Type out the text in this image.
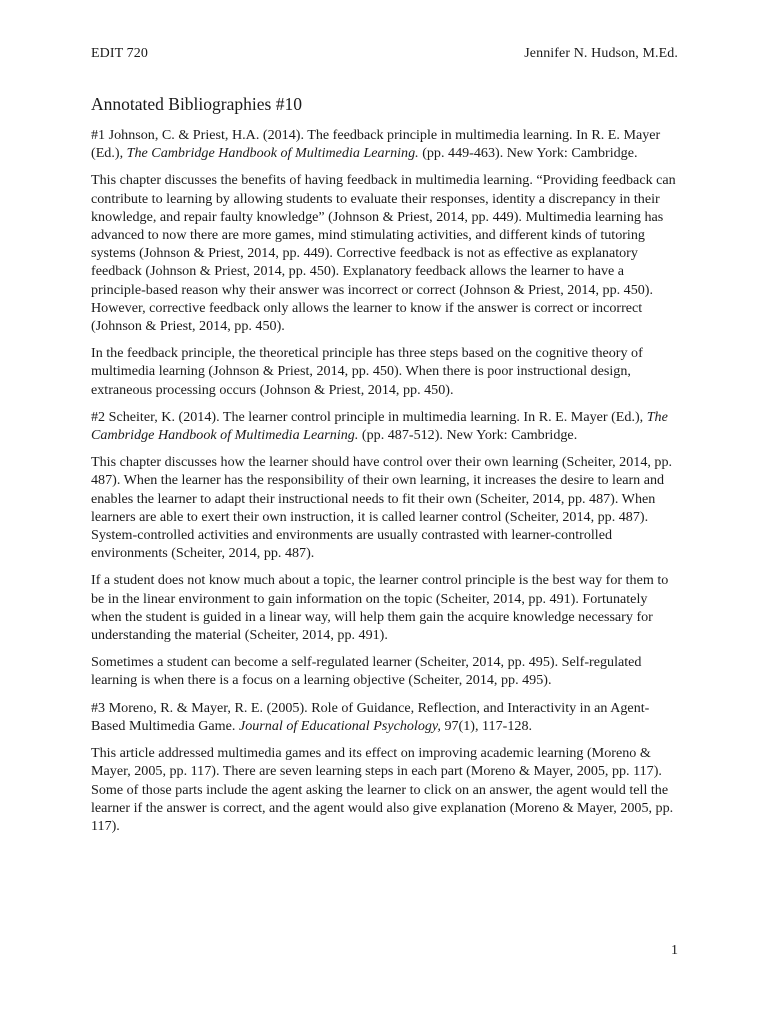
EDIT 720	Jennifer N. Hudson, M.Ed.
Annotated Bibliographies #10

#1 Johnson, C. & Priest, H.A. (2014). The feedback principle in multimedia learning. In R. E. Mayer (Ed.), The Cambridge Handbook of Multimedia Learning. (pp. 449-463). New York: Cambridge.

This chapter discusses the benefits of having feedback in multimedia learning. “Providing feedback can contribute to learning by allowing students to evaluate their responses, identity a discrepancy in their knowledge, and repair faulty knowledge” (Johnson & Priest, 2014, pp. 449). Multimedia learning has advanced to now there are more games, mind stimulating activities, and different kinds of tutoring systems (Johnson & Priest, 2014, pp. 449). Corrective feedback is not as effective as explanatory feedback (Johnson & Priest, 2014, pp. 450). Explanatory feedback allows the learner to have a principle-based reason why their answer was incorrect or correct (Johnson & Priest, 2014, pp. 450). However, corrective feedback only allows the learner to know if the answer is correct or incorrect (Johnson & Priest, 2014, pp. 450).

In the feedback principle, the theoretical principle has three steps based on the cognitive theory of multimedia learning (Johnson & Priest, 2014, pp. 450). When there is poor instructional design, extraneous processing occurs (Johnson & Priest, 2014, pp. 450).

#2 Scheiter, K. (2014). The learner control principle in multimedia learning. In R. E. Mayer (Ed.), The Cambridge Handbook of Multimedia Learning. (pp. 487-512). New York: Cambridge.

This chapter discusses how the learner should have control over their own learning (Scheiter, 2014, pp. 487). When the learner has the responsibility of their own learning, it increases the desire to learn and enables the learner to adapt their instructional needs to fit their own (Scheiter, 2014, pp. 487). When learners are able to exert their own instruction, it is called learner control (Scheiter, 2014, pp. 487). System-controlled activities and environments are usually contrasted with learner-controlled environments (Scheiter, 2014, pp. 487).

If a student does not know much about a topic, the learner control principle is the best way for them to be in the linear environment to gain information on the topic (Scheiter, 2014, pp. 491). Fortunately when the student is guided in a linear way, will help them gain the acquire knowledge necessary for understanding the material (Scheiter, 2014, pp. 491).

Sometimes a student can become a self-regulated learner (Scheiter, 2014, pp. 495). Self-regulated learning is when there is a focus on a learning objective (Scheiter, 2014, pp. 495).

#3 Moreno, R. & Mayer, R. E. (2005). Role of Guidance, Reflection, and Interactivity in an Agent-Based Multimedia Game. Journal of Educational Psychology, 97(1), 117-128.

This article addressed multimedia games and its effect on improving academic learning (Moreno & Mayer, 2005, pp. 117). There are seven learning steps in each part (Moreno & Mayer, 2005, pp. 117). Some of those parts include the agent asking the learner to click on an answer, the agent would tell the learner if the answer is correct, and the agent would also give explanation (Moreno & Mayer, 2005, pp. 117).

1
